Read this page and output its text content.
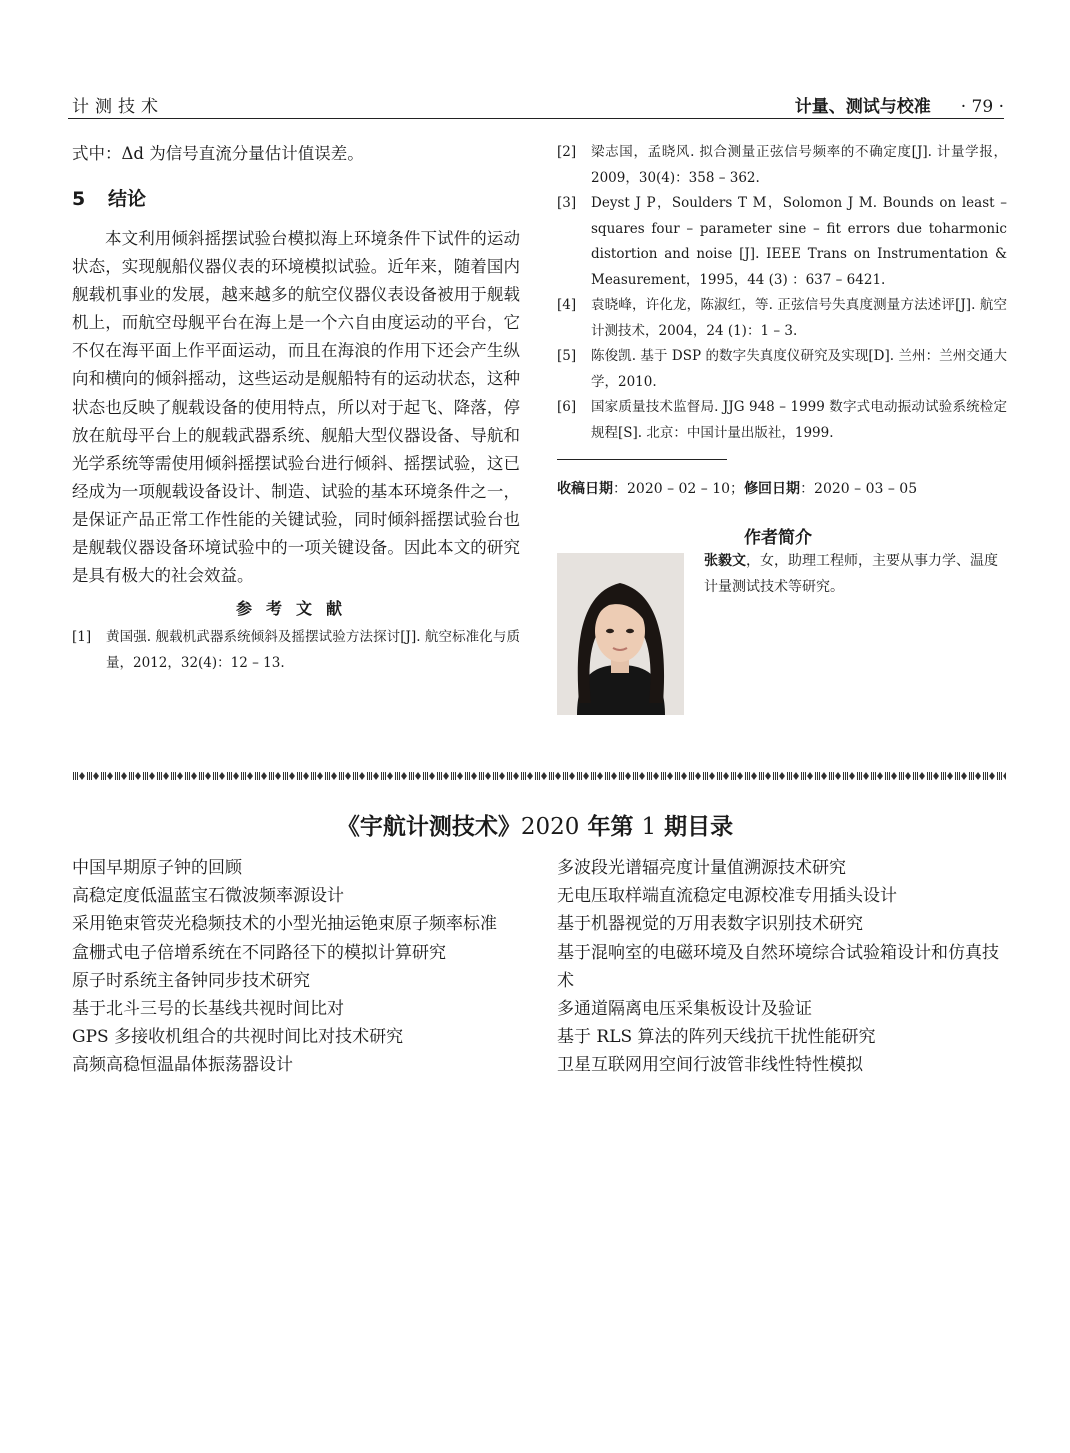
计测技术	计量、测试与校准 · 79 ·

式中：Δd 为信号直流分量估计值误差。

5 结论

本文利用倾斜摇摆试验台模拟海上环境条件下试件的运动状态，实现舰船仪器仪表的环境模拟试验。近年来，随着国内舰载机事业的发展，越来越多的航空仪器仪表设备被用于舰载机上，而航空母舰平台在海上是一个六自由度运动的平台，它不仅在海平面上作平面运动，而且在海浪的作用下还会产生纵向和横向的倾斜摇动，这些运动是舰船特有的运动状态，这种状态也反映了舰载设备的使用特点，所以对于起飞、降落，停放在航母平台上的舰载武器系统、舰船大型仪器设备、导航和光学系统等需使用倾斜摇摆试验台进行倾斜、摇摆试验，这已经成为一项舰载设备设计、制造、试验的基本环境条件之一，是保证产品正常工作性能的关键试验，同时倾斜摇摆试验台也是舰载仪器设备环境试验中的一项关键设备。因此本文的研究是具有极大的社会效益。

参考文献
[1]	黄国强. 舰载机武器系统倾斜及摇摆试验方法探讨[J]. 航空标准化与质量，2012，32(4)：12 – 13.
[2]	梁志国，孟晓风. 拟合测量正弦信号频率的不确定度[J]. 计量学报，2009，30(4)：358 – 362.
[3]	Deyst J P，Soulders T M，Solomon J M. Bounds on least – squares four – parameter sine – fit errors due toharmonic distortion and noise [J]. IEEE Trans on Instrumentation & Measurement，1995，44 (3) ：637 – 6421.
[4]	袁晓峰，许化龙，陈淑红，等. 正弦信号失真度测量方法述评[J]. 航空计测技术，2004，24 (1)：1 – 3.
[5]	陈俊凯. 基于 DSP 的数字失真度仪研究及实现[D]. 兰州：兰州交通大学，2010.
[6]	国家质量技术监督局. JJG 948 – 1999 数字式电动振动试验系统检定规程[S]. 北京：中国计量出版社，1999.
收稿日期：2020 – 02 – 10；修回日期：2020 – 03 – 05
作者简介
张毅文，女，助理工程师，主要从事力学、温度计量测试技术等研究。
《宇航计测技术》2020 年第 1 期目录

中国早期原子钟的回顾

高稳定度低温蓝宝石微波频率源设计

采用铯束管荧光稳频技术的小型光抽运铯束原子频率标准

盒栅式电子倍增系统在不同路径下的模拟计算研究

原子时系统主备钟同步技术研究

基于北斗三号的长基线共视时间比对

GPS 多接收机组合的共视时间比对技术研究

高频高稳恒温晶体振荡器设计

多波段光谱辐亮度计量值溯源技术研究

无电压取样端直流稳定电源校准专用插头设计

基于机器视觉的万用表数字识别技术研究

基于混响室的电磁环境及自然环境综合试验箱设计和仿真技术

多通道隔离电压采集板设计及验证

基于 RLS 算法的阵列天线抗干扰性能研究

卫星互联网用空间行波管非线性特性模拟
